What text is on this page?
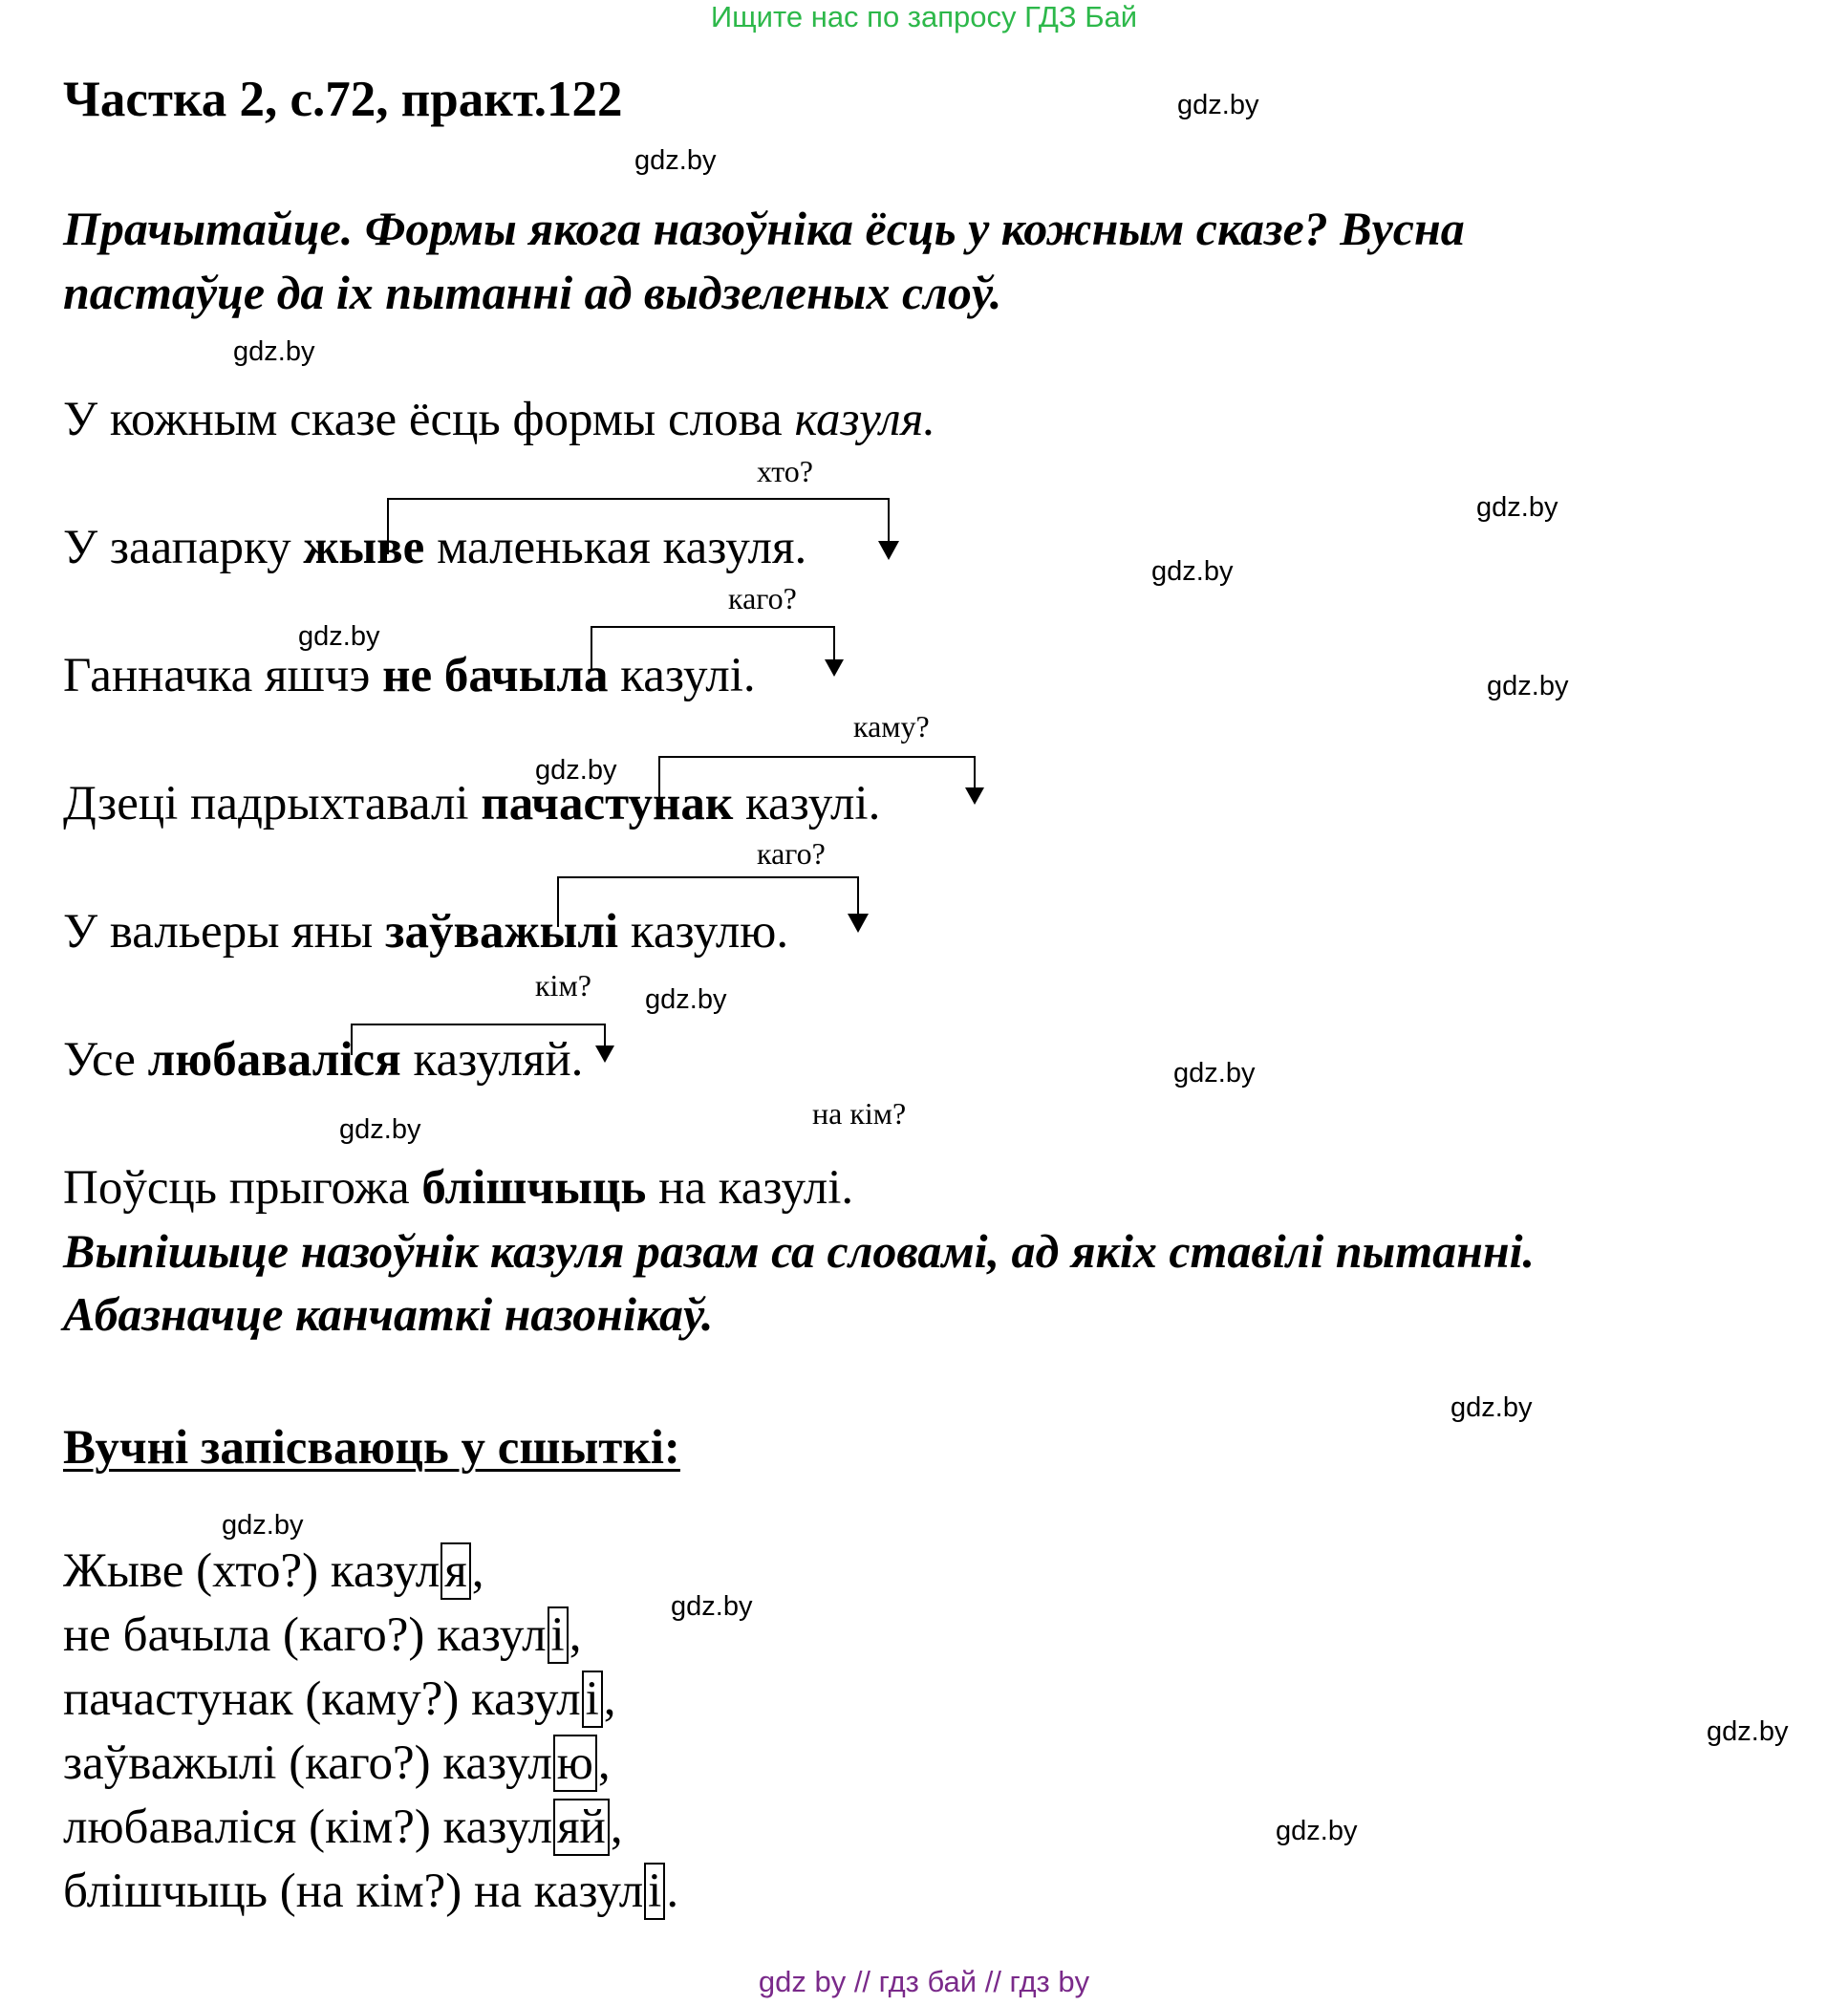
Ищите нас по запросу ГДЗ Бай
Частка 2, с.72, практ.122	gdz.by
gdz.by
Прачытайце. Формы якога назоўніка ёсць у кожным сказе? Вусна
пастаўце да іх пытанні ад выдзеленых слоў.
gdz.by
У кожным сказе ёсць формы слова казуля.
хто?
У заапарку жыве маленькая казуля.
gdz.by
gdz.by
каго?
gdz.by
Ганначка яшчэ не бачыла казулі.	gdz.by
каму?
gdz.by
Дзеці падрыхтавалі пачастунак казулі.
каго?
У вальеры яны заўважылі казулю.
кім? gdz.by
Усе любаваліся казуляй.	gdz.by
gdz.by	на кім?
Поўсць прыгожа блішчыць на казулі.
Выпішыце назоўнік казуля разам са словамі, ад якіх ставілі пытанні.
Абазначце канчаткі назонікаў.
gdz.by
Вучні запісваюць у сшыткі:
gdz.by
gdz.by
gdz.by
gdz.by
Жыве (хто?) казуля,
не бачыла (каго?) казулі,
пачастунак (каму?) казулі,
заўважылі (каго?) казулю,
любаваліся (кім?) казуляй,
блішчыць (на кім?) на казулі.
gdz by // гдз бай // гдз by
